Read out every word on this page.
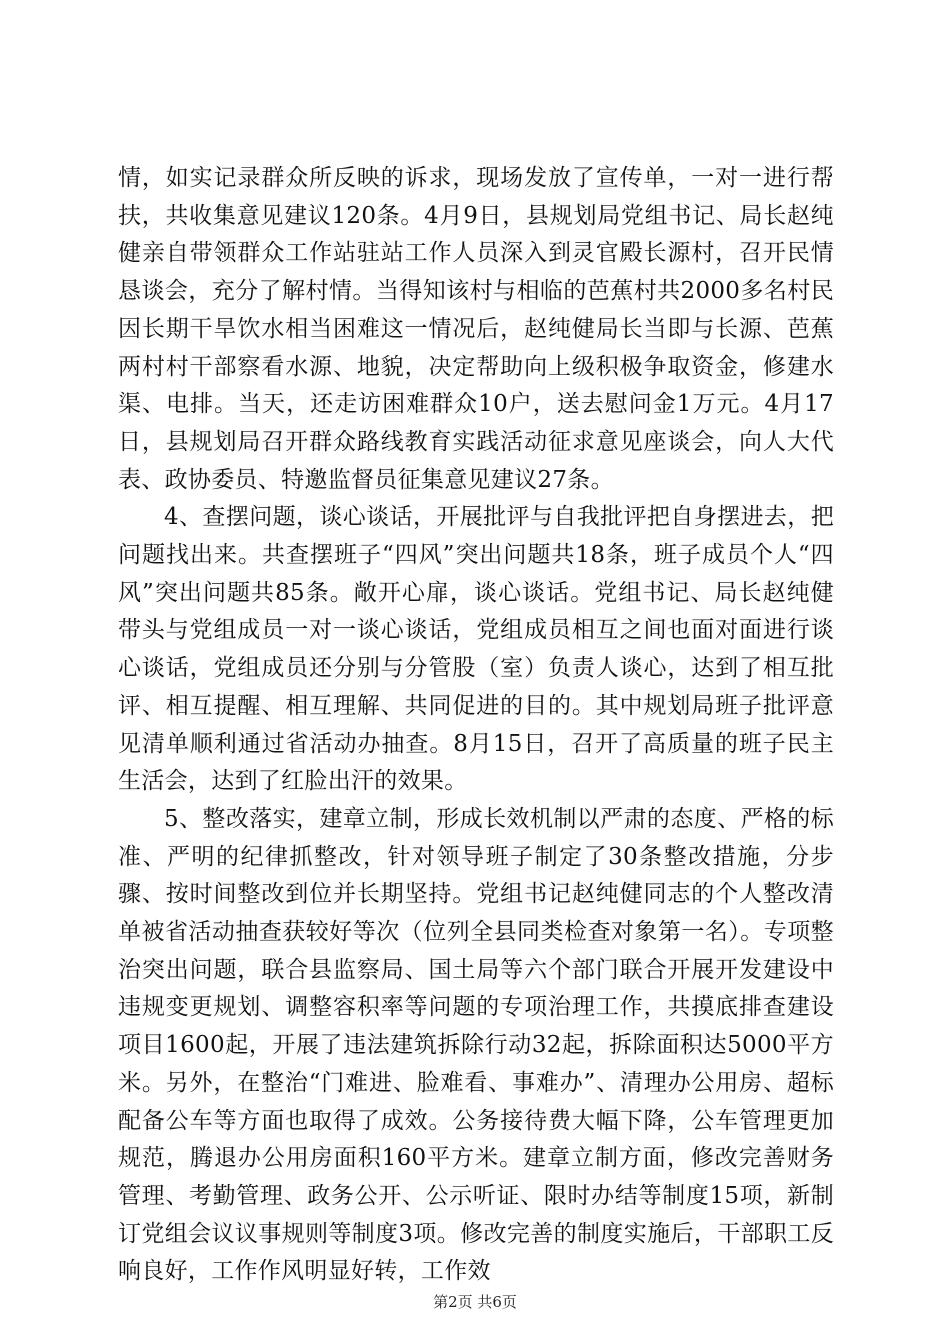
情，如实记录群众所反映的诉求，现场发放了宣传单，一对一进行帮扶，共收集意见建议120条。4月9日，县规划局党组书记、局长赵纯健亲自带领群众工作站驻站工作人员深入到灵官殿长源村，召开民情恳谈会，充分了解村情。当得知该村与相临的芭蕉村共2000多名村民因长期干旱饮水相当困难这一情况后，赵纯健局长当即与长源、芭蕉两村村干部察看水源、地貌，决定帮助向上级积极争取资金，修建水渠、电排。当天，还走访困难群众10户，送去慰问金1万元。4月17日，县规划局召开群众路线教育实践活动征求意见座谈会，向人大代表、政协委员、特邀监督员征集意见建议27条。

4、查摆问题，谈心谈话，开展批评与自我批评把自身摆进去，把问题找出来。共查摆班子“四风”突出问题共18条，班子成员个人“四风”突出问题共85条。敞开心扉，谈心谈话。党组书记、局长赵纯健带头与党组成员一对一谈心谈话，党组成员相互之间也面对面进行谈心谈话，党组成员还分别与分管股（室）负责人谈心，达到了相互批评、相互提醒、相互理解、共同促进的目的。其中规划局班子批评意见清单顺利通过省活动办抽查。8月15日，召开了高质量的班子民主生活会，达到了红脸出汗的效果。

5、整改落实，建章立制，形成长效机制以严肃的态度、严格的标准、严明的纪律抓整改，针对领导班子制定了30条整改措施，分步骤、按时间整改到位并长期坚持。党组书记赵纯健同志的个人整改清单被省活动抽查获较好等次（位列全县同类检查对象第一名）。专项整治突出问题，联合县监察局、国土局等六个部门联合开展开发建设中违规变更规划、调整容积率等问题的专项治理工作，共摸底排查建设项目1600起，开展了违法建筑拆除行动32起，拆除面积达5000平方米。另外，在整治“门难进、脸难看、事难办”、清理办公用房、超标配备公车等方面也取得了成效。公务接待费大幅下降，公车管理更加规范，腾退办公用房面积160平方米。建章立制方面，修改完善财务管理、考勤管理、政务公开、公示听证、限时办结等制度15项，新制订党组会议议事规则等制度3项。修改完善的制度实施后，干部职工反响良好，工作作风明显好转，工作效

第2页 共6页
